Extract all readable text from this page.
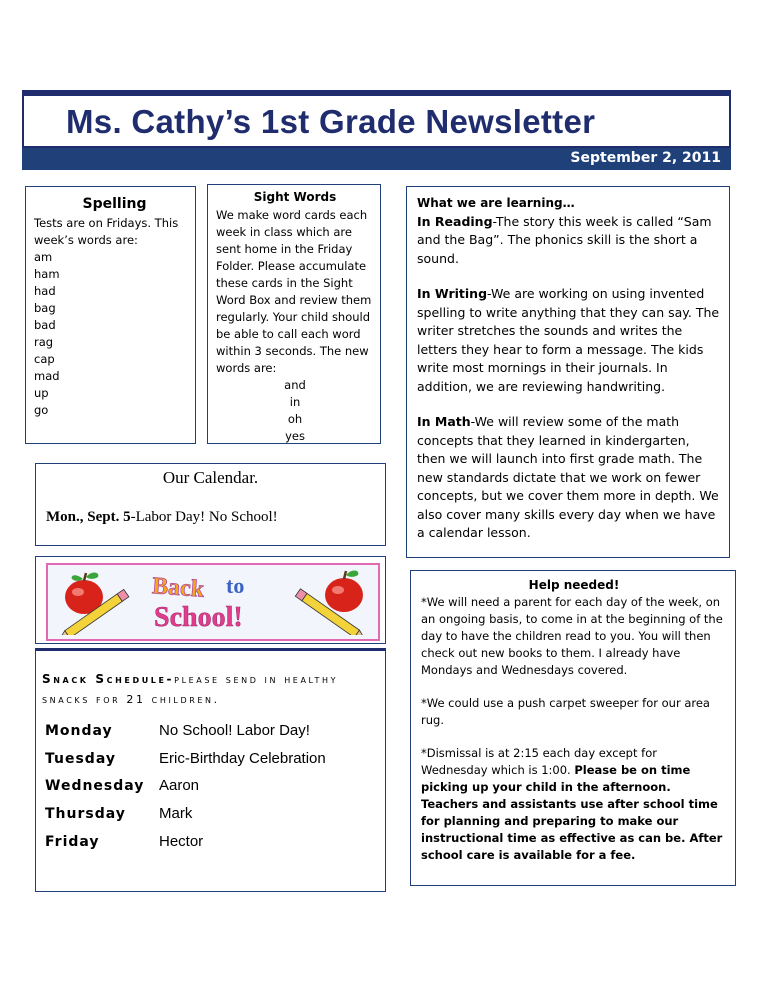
Ms. Cathy’s 1st Grade Newsletter
September 2, 2011
Spelling
Tests are on Fridays. This week’s words are:
am
ham
had
bag
bad
rag
cap
mad
up
go
Sight Words
We make word cards each week in class which are sent home in the Friday Folder. Please accumulate these cards in the Sight Word Box and review them regularly. Your child should be able to call each word within 3 seconds. The new words are:
and
in
oh
yes
Our Calendar.
Mon., Sept. 5-Labor Day! No School!
Back to
School!
Snack Schedule-please send in healthy snacks for 21 children.
Monday	No School! Labor Day!
Tuesday	Eric-Birthday Celebration
Wednesday Aaron
Thursday Mark
Friday	Hector
What we are learning…

In Reading-The story this week is called “Sam and the Bag”. The phonics skill is the short a sound.

In Writing-We are working on using invented spelling to write anything that they can say. The writer stretches the sounds and writes the letters they hear to form a message. The kids write most mornings in their journals. In addition, we are reviewing handwriting.

In Math-We will review some of the math concepts that they learned in kindergarten, then we will launch into first grade math. The new standards dictate that we work on fewer concepts, but we cover them more in depth. We also cover many skills every day when we have a calendar lesson.

Help needed!

*We will need a parent for each day of the week, on an ongoing basis, to come in at the beginning of the day to have the children read to you. You will then check out new books to them. I already have Mondays and Wednesdays covered.

*We could use a push carpet sweeper for our area rug.

*Dismissal is at 2:15 each day except for Wednesday which is 1:00. Please be on time picking up your child in the afternoon. Teachers and assistants use after school time for planning and preparing to make our instructional time as effective as can be. After school care is available for a fee.
